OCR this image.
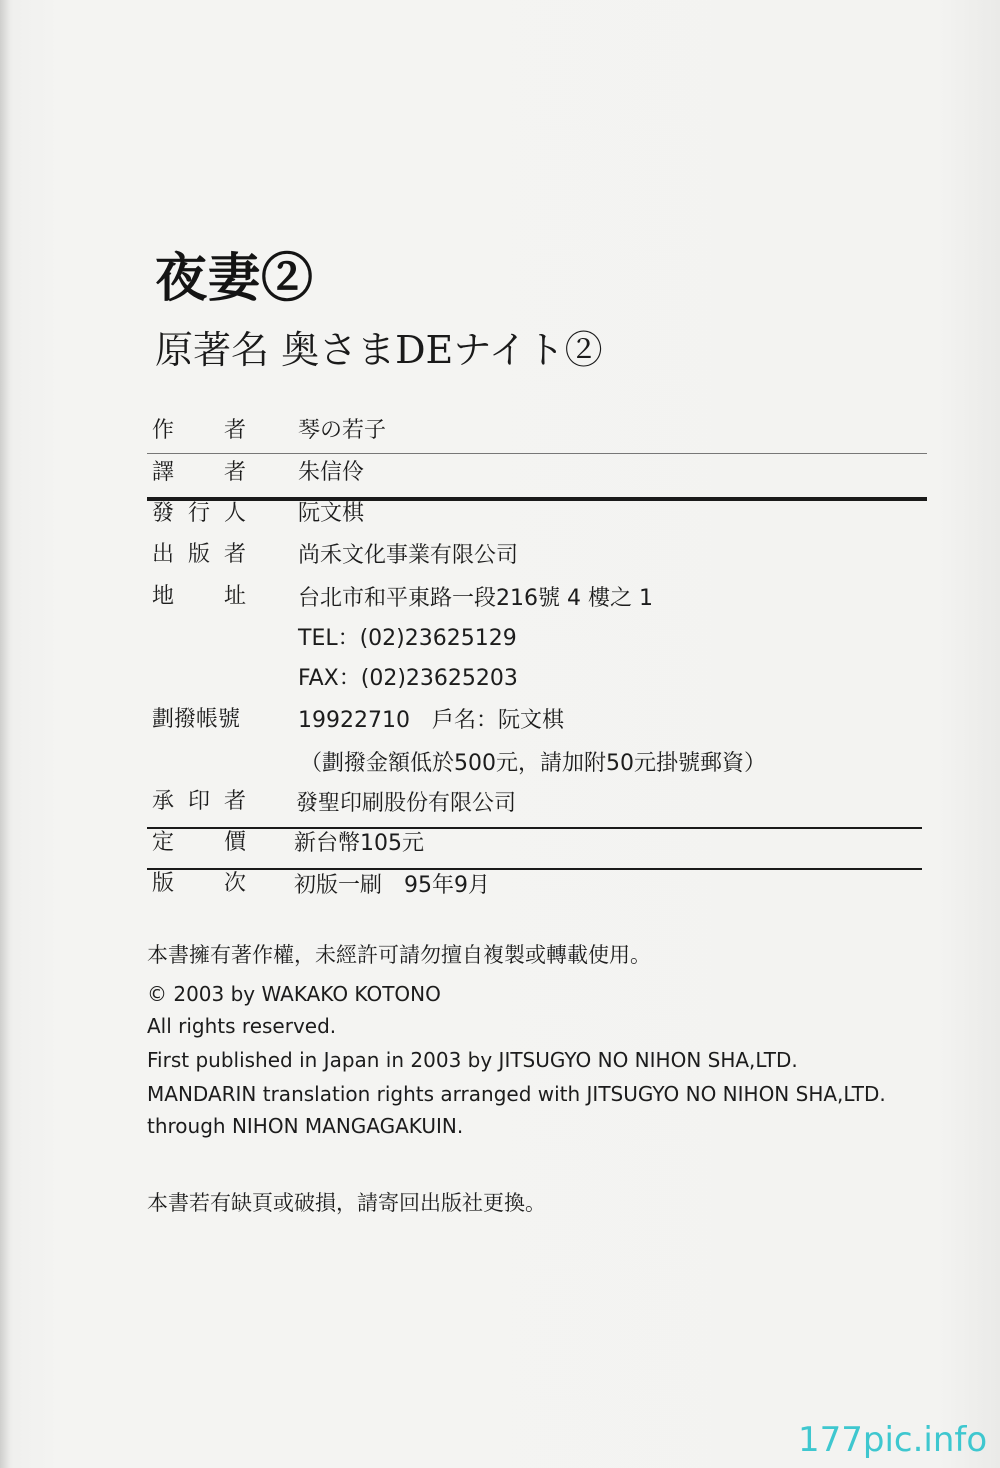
夜妻②
原著名 奥さまDEナイト②
作 者 琴の若子
譯 者 朱信伶
發行人 阮文棋
出版者 尚禾文化事業有限公司
地 址 台北市和平東路一段216號 4 樓之 1
TEL：(02)23625129
FAX：(02)23625203
劃撥帳號	19922710　戶名：阮文棋
（劃撥金額低於500元，請加附50元掛號郵資）
承印者 發聖印刷股份有限公司
定 價 新台幣105元
版 次 初版一刷　95年9月
本書擁有著作權，未經許可請勿擅自複製或轉載使用。
© 2003 by WAKAKO KOTONO
All rights reserved.
First published in Japan in 2003 by JITSUGYO NO NIHON SHA,LTD.
MANDARIN translation rights arranged with JITSUGYO NO NIHON SHA,LTD.
through NIHON MANGAGAKUIN.
本書若有缺頁或破損，請寄回出版社更換。
177pic.info
